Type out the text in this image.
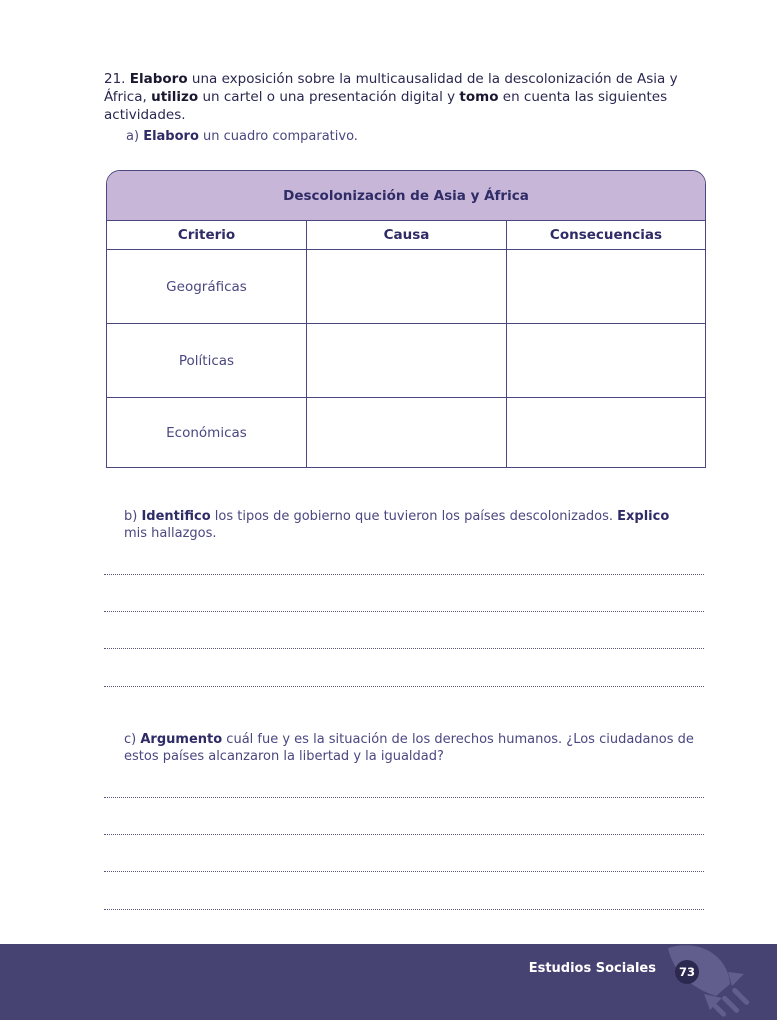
21. Elaboro una exposición sobre la multicausalidad de la descolonización de Asia y África, utilizo un cartel o una presentación digital y tomo en cuenta las siguientes actividades.
a) Elaboro un cuadro comparativo.
Descolonización de Asia y África
Criterio	Causa	Consecuencias
Geográficas
Políticas
Económicas
b) Identifico los tipos de gobierno que tuvieron los países descolonizados. Explico mis hallazgos.
c) Argumento cuál fue y es la situación de los derechos humanos. ¿Los ciudadanos de estos países alcanzaron la libertad y la igualdad?
Estudios Sociales	73
